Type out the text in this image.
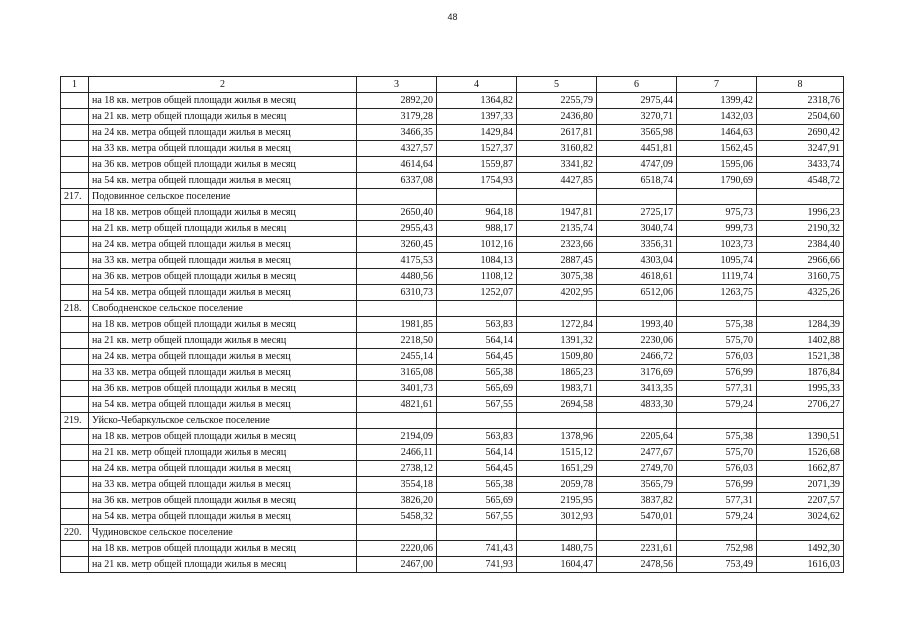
48
1	2	3	4	5	6	7	8
	на 18 кв. метров общей площади жилья в месяц	2892,20	1364,82	2255,79	2975,44	1399,42	2318,76
	на 21 кв. метр общей площади жилья в месяц	3179,28	1397,33	2436,80	3270,71	1432,03	2504,60
	на 24 кв. метра общей площади жилья в месяц	3466,35	1429,84	2617,81	3565,98	1464,63	2690,42
	на 33 кв. метра общей площади жилья в месяц	4327,57	1527,37	3160,82	4451,81	1562,45	3247,91
	на 36 кв. метров общей площади жилья в месяц	4614,64	1559,87	3341,82	4747,09	1595,06	3433,74
	на 54 кв. метра общей площади жилья в месяц	6337,08	1754,93	4427,85	6518,74	1790,69	4548,72
217.	Подовинное сельское поселение						
	на 18 кв. метров общей площади жилья в месяц	2650,40	964,18	1947,81	2725,17	975,73	1996,23
	на 21 кв. метр общей площади жилья в месяц	2955,43	988,17	2135,74	3040,74	999,73	2190,32
	на 24 кв. метра общей площади жилья в месяц	3260,45	1012,16	2323,66	3356,31	1023,73	2384,40
	на 33 кв. метра общей площади жилья в месяц	4175,53	1084,13	2887,45	4303,04	1095,74	2966,66
	на 36 кв. метров общей площади жилья в месяц	4480,56	1108,12	3075,38	4618,61	1119,74	3160,75
	на 54 кв. метра общей площади жилья в месяц	6310,73	1252,07	4202,95	6512,06	1263,75	4325,26
218.	Свободненское сельское поселение						
	на 18 кв. метров общей площади жилья в месяц	1981,85	563,83	1272,84	1993,40	575,38	1284,39
	на 21 кв. метр общей площади жилья в месяц	2218,50	564,14	1391,32	2230,06	575,70	1402,88
	на 24 кв. метра общей площади жилья в месяц	2455,14	564,45	1509,80	2466,72	576,03	1521,38
	на 33 кв. метра общей площади жилья в месяц	3165,08	565,38	1865,23	3176,69	576,99	1876,84
	на 36 кв. метров общей площади жилья в месяц	3401,73	565,69	1983,71	3413,35	577,31	1995,33
	на 54 кв. метра общей площади жилья в месяц	4821,61	567,55	2694,58	4833,30	579,24	2706,27
219.	Уйско-Чебаркульское сельское поселение						
	на 18 кв. метров общей площади жилья в месяц	2194,09	563,83	1378,96	2205,64	575,38	1390,51
	на 21 кв. метр общей площади жилья в месяц	2466,11	564,14	1515,12	2477,67	575,70	1526,68
	на 24 кв. метра общей площади жилья в месяц	2738,12	564,45	1651,29	2749,70	576,03	1662,87
	на 33 кв. метра общей площади жилья в месяц	3554,18	565,38	2059,78	3565,79	576,99	2071,39
	на 36 кв. метров общей площади жилья в месяц	3826,20	565,69	2195,95	3837,82	577,31	2207,57
	на 54 кв. метра общей площади жилья в месяц	5458,32	567,55	3012,93	5470,01	579,24	3024,62
220.	Чудиновское сельское поселение						
	на 18 кв. метров общей площади жилья в месяц	2220,06	741,43	1480,75	2231,61	752,98	1492,30
	на 21 кв. метр общей площади жилья в месяц	2467,00	741,93	1604,47	2478,56	753,49	1616,03
